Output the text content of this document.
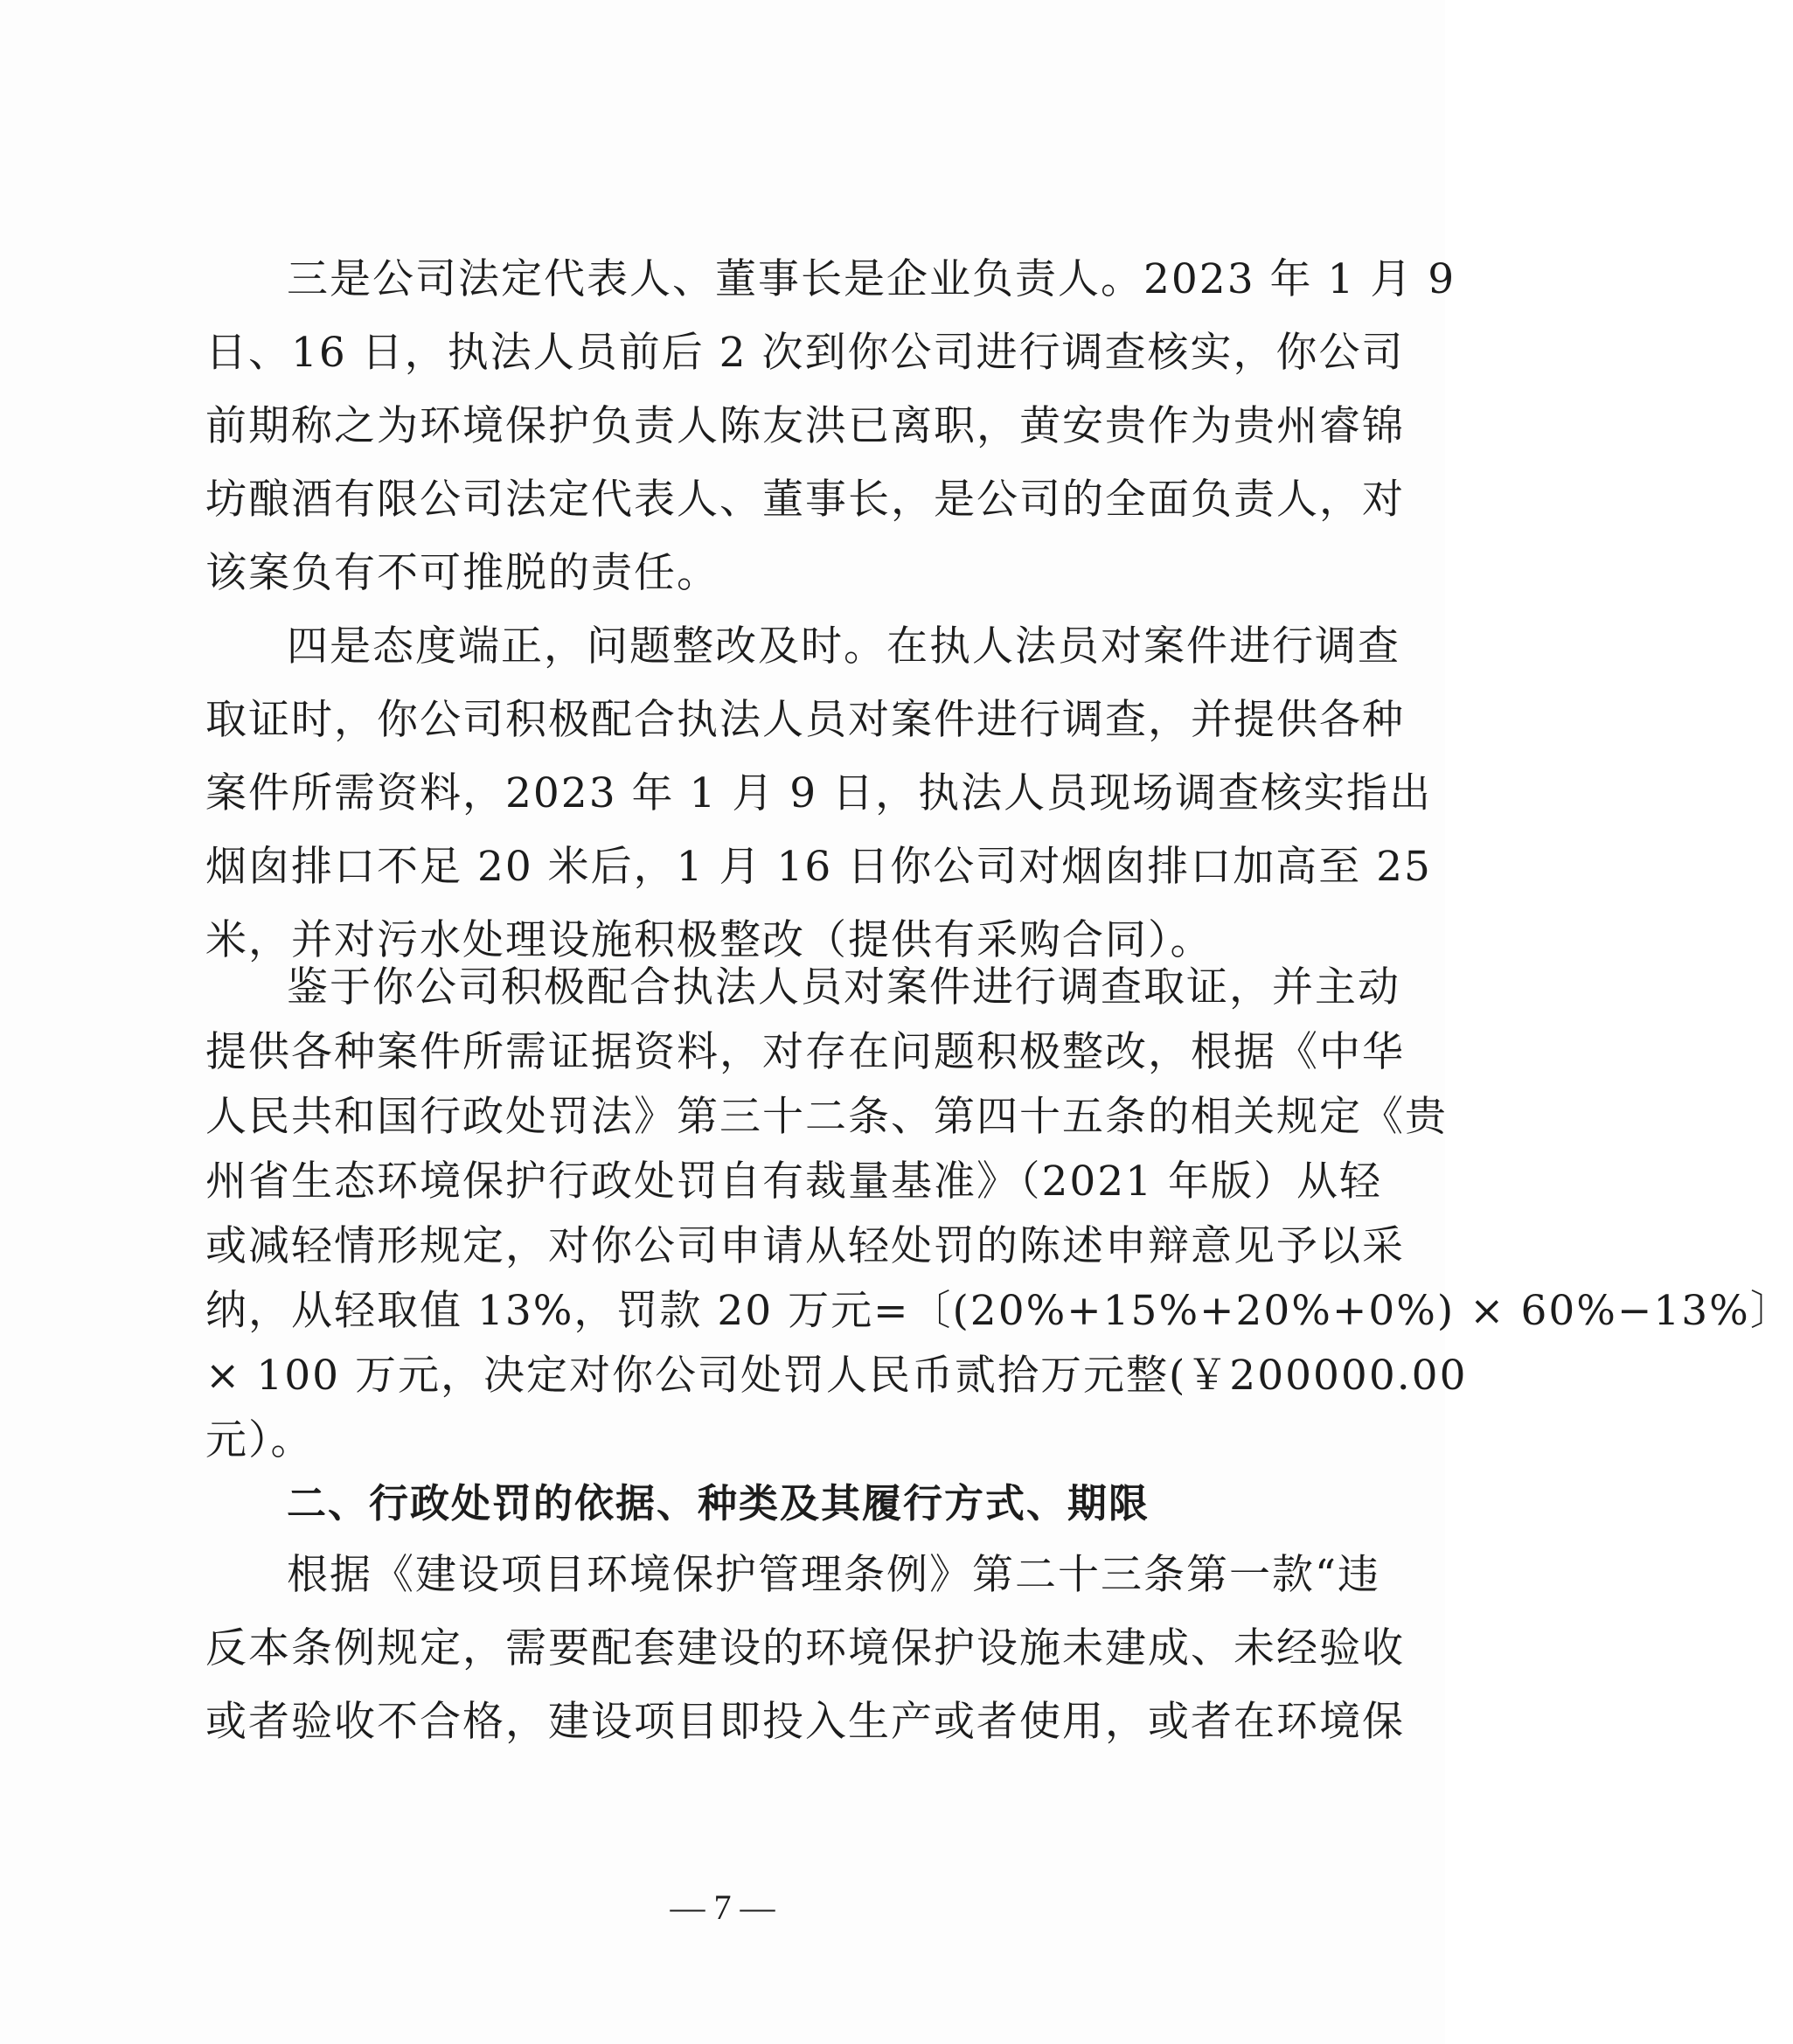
三是公司法定代表人、董事长是企业负责人。2023 年 1 月 9
日、16 日，执法人员前后 2 次到你公司进行调查核实，你公司
前期称之为环境保护负责人陈友洪已离职，黄安贵作为贵州睿锦
坊酿酒有限公司法定代表人、董事长，是公司的全面负责人，对
该案负有不可推脱的责任。
四是态度端正，问题整改及时。在执人法员对案件进行调查
取证时，你公司积极配合执法人员对案件进行调查，并提供各种
案件所需资料，2023 年 1 月 9 日，执法人员现场调查核实指出
烟囱排口不足 20 米后，1 月 16 日你公司对烟囱排口加高至 25
米，并对污水处理设施积极整改（提供有采购合同）。
鉴于你公司积极配合执法人员对案件进行调查取证，并主动
提供各种案件所需证据资料，对存在问题积极整改，根据《中华
人民共和国行政处罚法》第三十二条、第四十五条的相关规定《贵
州省生态环境保护行政处罚自有裁量基准》（2021 年版）从轻
或减轻情形规定，对你公司申请从轻处罚的陈述申辩意见予以采
纳，从轻取值 13%，罚款 20 万元=〔(20%+15%+20%+0%) × 60%−13%〕
× 100 万元，决定对你公司处罚人民币贰拾万元整(￥200000.00
元）。
二、行政处罚的依据、种类及其履行方式、期限
根据《建设项目环境保护管理条例》第二十三条第一款“违
反本条例规定，需要配套建设的环境保护设施未建成、未经验收
或者验收不合格，建设项目即投入生产或者使用，或者在环境保
— 7 —
